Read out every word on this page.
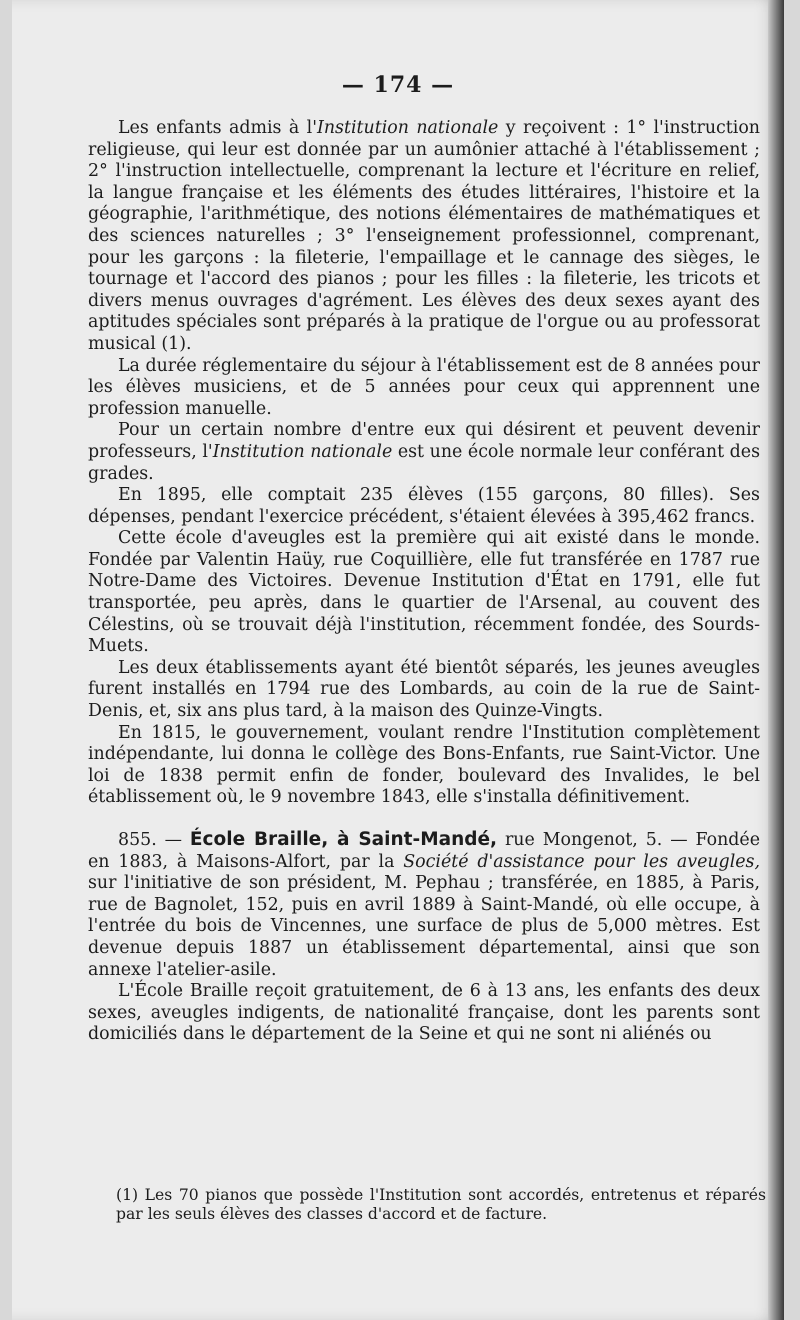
— 174 —

Les enfants admis à l'Institution nationale y reçoivent : 1° l'instruction religieuse, qui leur est donnée par un aumônier attaché à l'établissement ; 2° l'instruction intellectuelle, comprenant la lecture et l'écriture en relief, la langue française et les éléments des études littéraires, l'histoire et la géographie, l'arithmétique, des notions élémentaires de mathématiques et des sciences naturelles ; 3° l'enseignement professionnel, comprenant, pour les garçons : la fileterie, l'empaillage et le cannage des sièges, le tournage et l'accord des pianos ; pour les filles : la fileterie, les tricots et divers menus ouvrages d'agrément. Les élèves des deux sexes ayant des aptitudes spéciales sont préparés à la pratique de l'orgue ou au professorat musical (1).

La durée réglementaire du séjour à l'établissement est de 8 années pour les élèves musiciens, et de 5 années pour ceux qui apprennent une profession manuelle.

Pour un certain nombre d'entre eux qui désirent et peuvent devenir professeurs, l'Institution nationale est une école normale leur conférant des grades.

En 1895, elle comptait 235 élèves (155 garçons, 80 filles). Ses dépenses, pendant l'exercice précédent, s'étaient élevées à 395,462 francs.

Cette école d'aveugles est la première qui ait existé dans le monde. Fondée par Valentin Haüy, rue Coquillière, elle fut transférée en 1787 rue Notre-Dame des Victoires. Devenue Institution d'État en 1791, elle fut transportée, peu après, dans le quartier de l'Arsenal, au couvent des Célestins, où se trouvait déjà l'institution, récemment fondée, des Sourds-Muets.

Les deux établissements ayant été bientôt séparés, les jeunes aveugles furent installés en 1794 rue des Lombards, au coin de la rue de Saint-Denis, et, six ans plus tard, à la maison des Quinze-Vingts.

En 1815, le gouvernement, voulant rendre l'Institution complètement indépendante, lui donna le collège des Bons-Enfants, rue Saint-Victor. Une loi de 1838 permit enfin de fonder, boulevard des Invalides, le bel établissement où, le 9 novembre 1843, elle s'installa définitivement.

855. — École Braille, à Saint-Mandé, rue Mongenot, 5. — Fondée en 1883, à Maisons-Alfort, par la Société d'assistance pour les aveugles, sur l'initiative de son président, M. Pephau ; transférée, en 1885, à Paris, rue de Bagnolet, 152, puis en avril 1889 à Saint-Mandé, où elle occupe, à l'entrée du bois de Vincennes, une surface de plus de 5,000 mètres. Est devenue depuis 1887 un établissement départemental, ainsi que son annexe l'atelier-asile.

L'École Braille reçoit gratuitement, de 6 à 13 ans, les enfants des deux sexes, aveugles indigents, de nationalité française, dont les parents sont domiciliés dans le département de la Seine et qui ne sont ni aliénés ou

(1) Les 70 pianos que possède l'Institution sont accordés, entretenus et réparés par les seuls élèves des classes d'accord et de facture.
